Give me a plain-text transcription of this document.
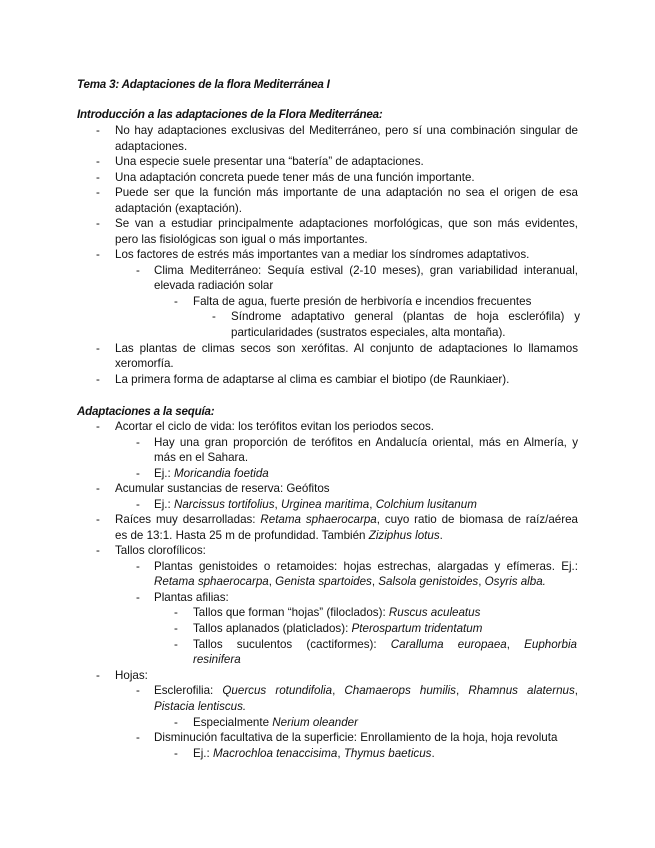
Tema 3: Adaptaciones de la flora Mediterránea I
Introducción a las adaptaciones de la Flora Mediterránea:
Adaptaciones a la sequía:
- No hay adaptaciones exclusivas del Mediterráneo, pero sí una combinación singular de
adaptaciones.
- Una especie suele presentar una “batería” de adaptaciones.
- Una adaptación concreta puede tener más de una función importante.
- Puede ser que la función más importante de una adaptación no sea el origen de esa
adaptación (exaptación).
- Se van a estudiar principalmente adaptaciones morfológicas, que son más evidentes,
pero las fisiológicas son igual o más importantes.
- Los factores de estrés más importantes van a mediar los síndromes adaptativos.
- Clima Mediterráneo: Sequía estival (2-10 meses), gran variabilidad interanual,
elevada radiación solar
- Falta de agua, fuerte presión de herbivoría e incendios frecuentes
- Síndrome adaptativo general (plantas de hoja esclerófila) y
particularidades (sustratos especiales, alta montaña).
- Las plantas de climas secos son xerófitas. Al conjunto de adaptaciones lo llamamos
xeromorfía.
- La primera forma de adaptarse al clima es cambiar el biotipo (de Raunkiaer).
- Acortar el ciclo de vida: los terófitos evitan los periodos secos.
- Hay una gran proporción de terófitos en Andalucía oriental, más en Almería, y
más en el Sahara.
- Ej.: Moricandia foetida
- Acumular sustancias de reserva: Geófitos
- Ej.: Narcissus tortifolius, Urginea maritima, Colchium lusitanum
- Raíces muy desarrolladas: Retama sphaerocarpa, cuyo ratio de biomasa de raíz/aérea
es de 13:1. Hasta 25 m de profundidad. También Ziziphus lotus.
- Tallos clorofílicos:
- Plantas genistoides o retamoides: hojas estrechas, alargadas y efímeras. Ej.:
Retama sphaerocarpa, Genista spartoides, Salsola genistoides, Osyris alba.
- Plantas afilias:
- Tallos que forman “hojas” (filoclados): Ruscus aculeatus
- Tallos aplanados (platiclados): Pterospartum tridentatum
- Tallos suculentos (cactiformes): Caralluma europaea, Euphorbia
resinifera
- Hojas:
- Esclerofilia: Quercus rotundifolia, Chamaerops humilis, Rhamnus alaternus,
Pistacia lentiscus.
- Especialmente Nerium oleander
- Disminución facultativa de la superficie: Enrollamiento de la hoja, hoja revoluta
- Ej.: Macrochloa tenaccisima, Thymus baeticus.
